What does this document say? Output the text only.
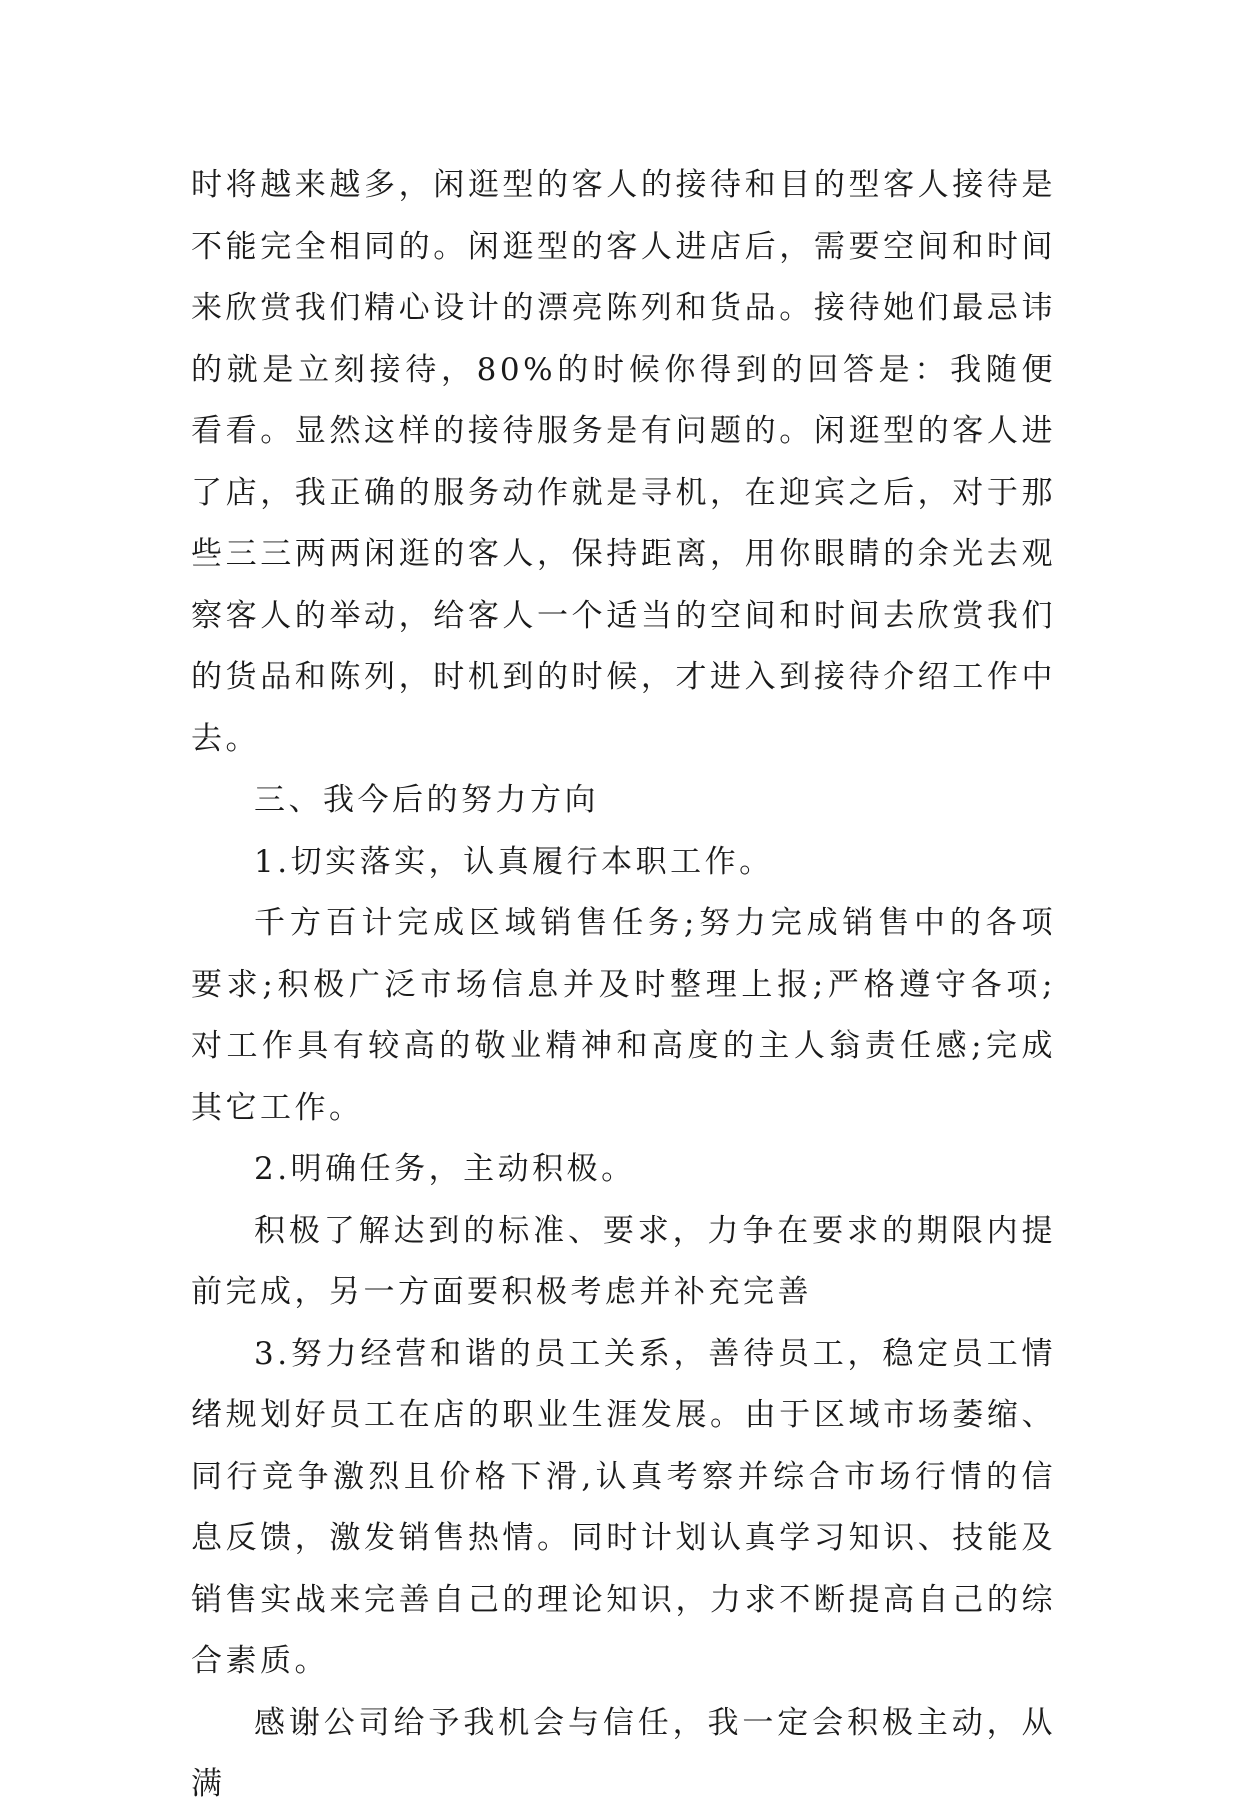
时将越来越多，闲逛型的客人的接待和目的型客人接待是不能完全相同的。闲逛型的客人进店后，需要空间和时间来欣赏我们精心设计的漂亮陈列和货品。接待她们最忌讳的就是立刻接待，80%的时候你得到的回答是：我随便看看。显然这样的接待服务是有问题的。闲逛型的客人进了店，我正确的服务动作就是寻机，在迎宾之后，对于那些三三两两闲逛的客人，保持距离，用你眼睛的余光去观察客人的举动，给客人一个适当的空间和时间去欣赏我们的货品和陈列，时机到的时候，才进入到接待介绍工作中去。

三、我今后的努力方向

1.切实落实，认真履行本职工作。

千方百计完成区域销售任务;努力完成销售中的各项要求;积极广泛市场信息并及时整理上报;严格遵守各项;对工作具有较高的敬业精神和高度的主人翁责任感;完成其它工作。

2.明确任务，主动积极。

积极了解达到的标准、要求，力争在要求的期限内提前完成，另一方面要积极考虑并补充完善

3.努力经营和谐的员工关系，善待员工，稳定员工情绪规划好员工在店的职业生涯发展。由于区域市场萎缩、同行竞争激烈且价格下滑,认真考察并综合市场行情的信息反馈，激发销售热情。同时计划认真学习知识、技能及销售实战来完善自己的理论知识，力求不断提高自己的综合素质。

感谢公司给予我机会与信任，我一定会积极主动，从满
